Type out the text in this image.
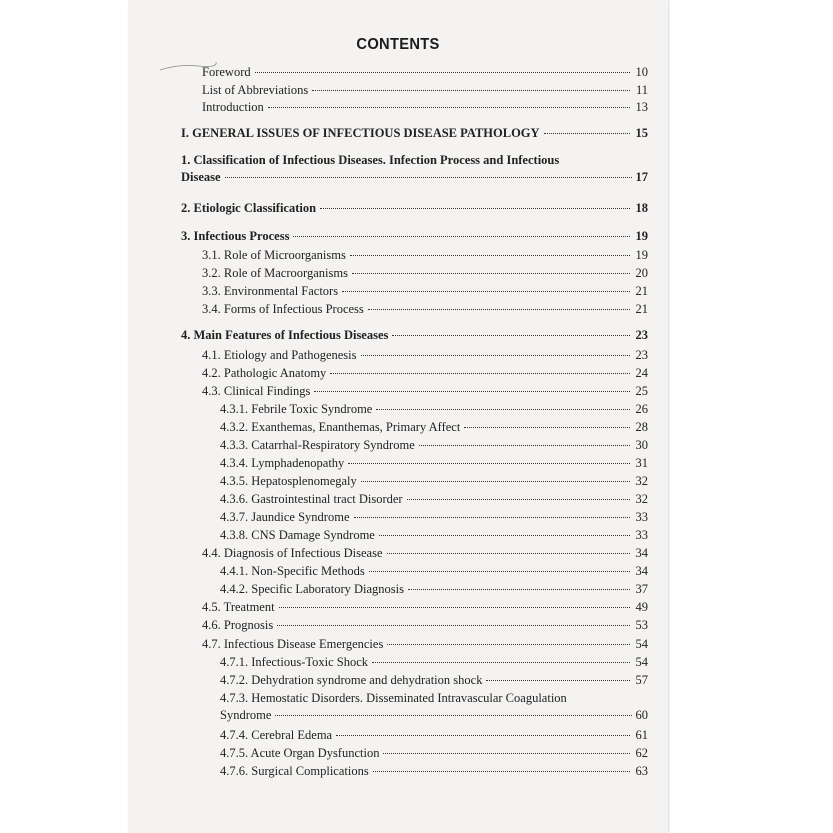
CONTENTS
Foreword	10
List of Abbreviations	11
Introduction	13
I. GENERAL ISSUES OF INFECTIOUS DISEASE PATHOLOGY	15
1. Classification of Infectious Diseases. Infection Process and Infectious
Disease	17
2. Etiologic Classification	18
3. Infectious Process	19
3.1. Role of Microorganisms	19
3.2. Role of Macroorganisms	20
3.3. Environmental Factors	21
3.4. Forms of Infectious Process	21
4. Main Features of Infectious Diseases	23
4.1. Etiology and Pathogenesis	23
4.2. Pathologic Anatomy	24
4.3. Clinical Findings	25
4.3.1. Febrile Toxic Syndrome	26
4.3.2. Exanthemas, Enanthemas, Primary Affect	28
4.3.3. Catarrhal-Respiratory Syndrome	30
4.3.4. Lymphadenopathy	31
4.3.5. Hepatosplenomegaly	32
4.3.6. Gastrointestinal tract Disorder	32
4.3.7. Jaundice Syndrome	33
4.3.8. CNS Damage Syndrome	33
4.4. Diagnosis of Infectious Disease	34
4.4.1. Non-Specific Methods	34
4.4.2. Specific Laboratory Diagnosis	37
4.5. Treatment	49
4.6. Prognosis	53
4.7. Infectious Disease Emergencies	54
4.7.1. Infectious-Toxic Shock	54
4.7.2. Dehydration syndrome and dehydration shock	57
4.7.3. Hemostatic Disorders. Disseminated Intravascular Coagulation
Syndrome	60
4.7.4. Cerebral Edema	61
4.7.5. Acute Organ Dysfunction	62
4.7.6. Surgical Complications	63
